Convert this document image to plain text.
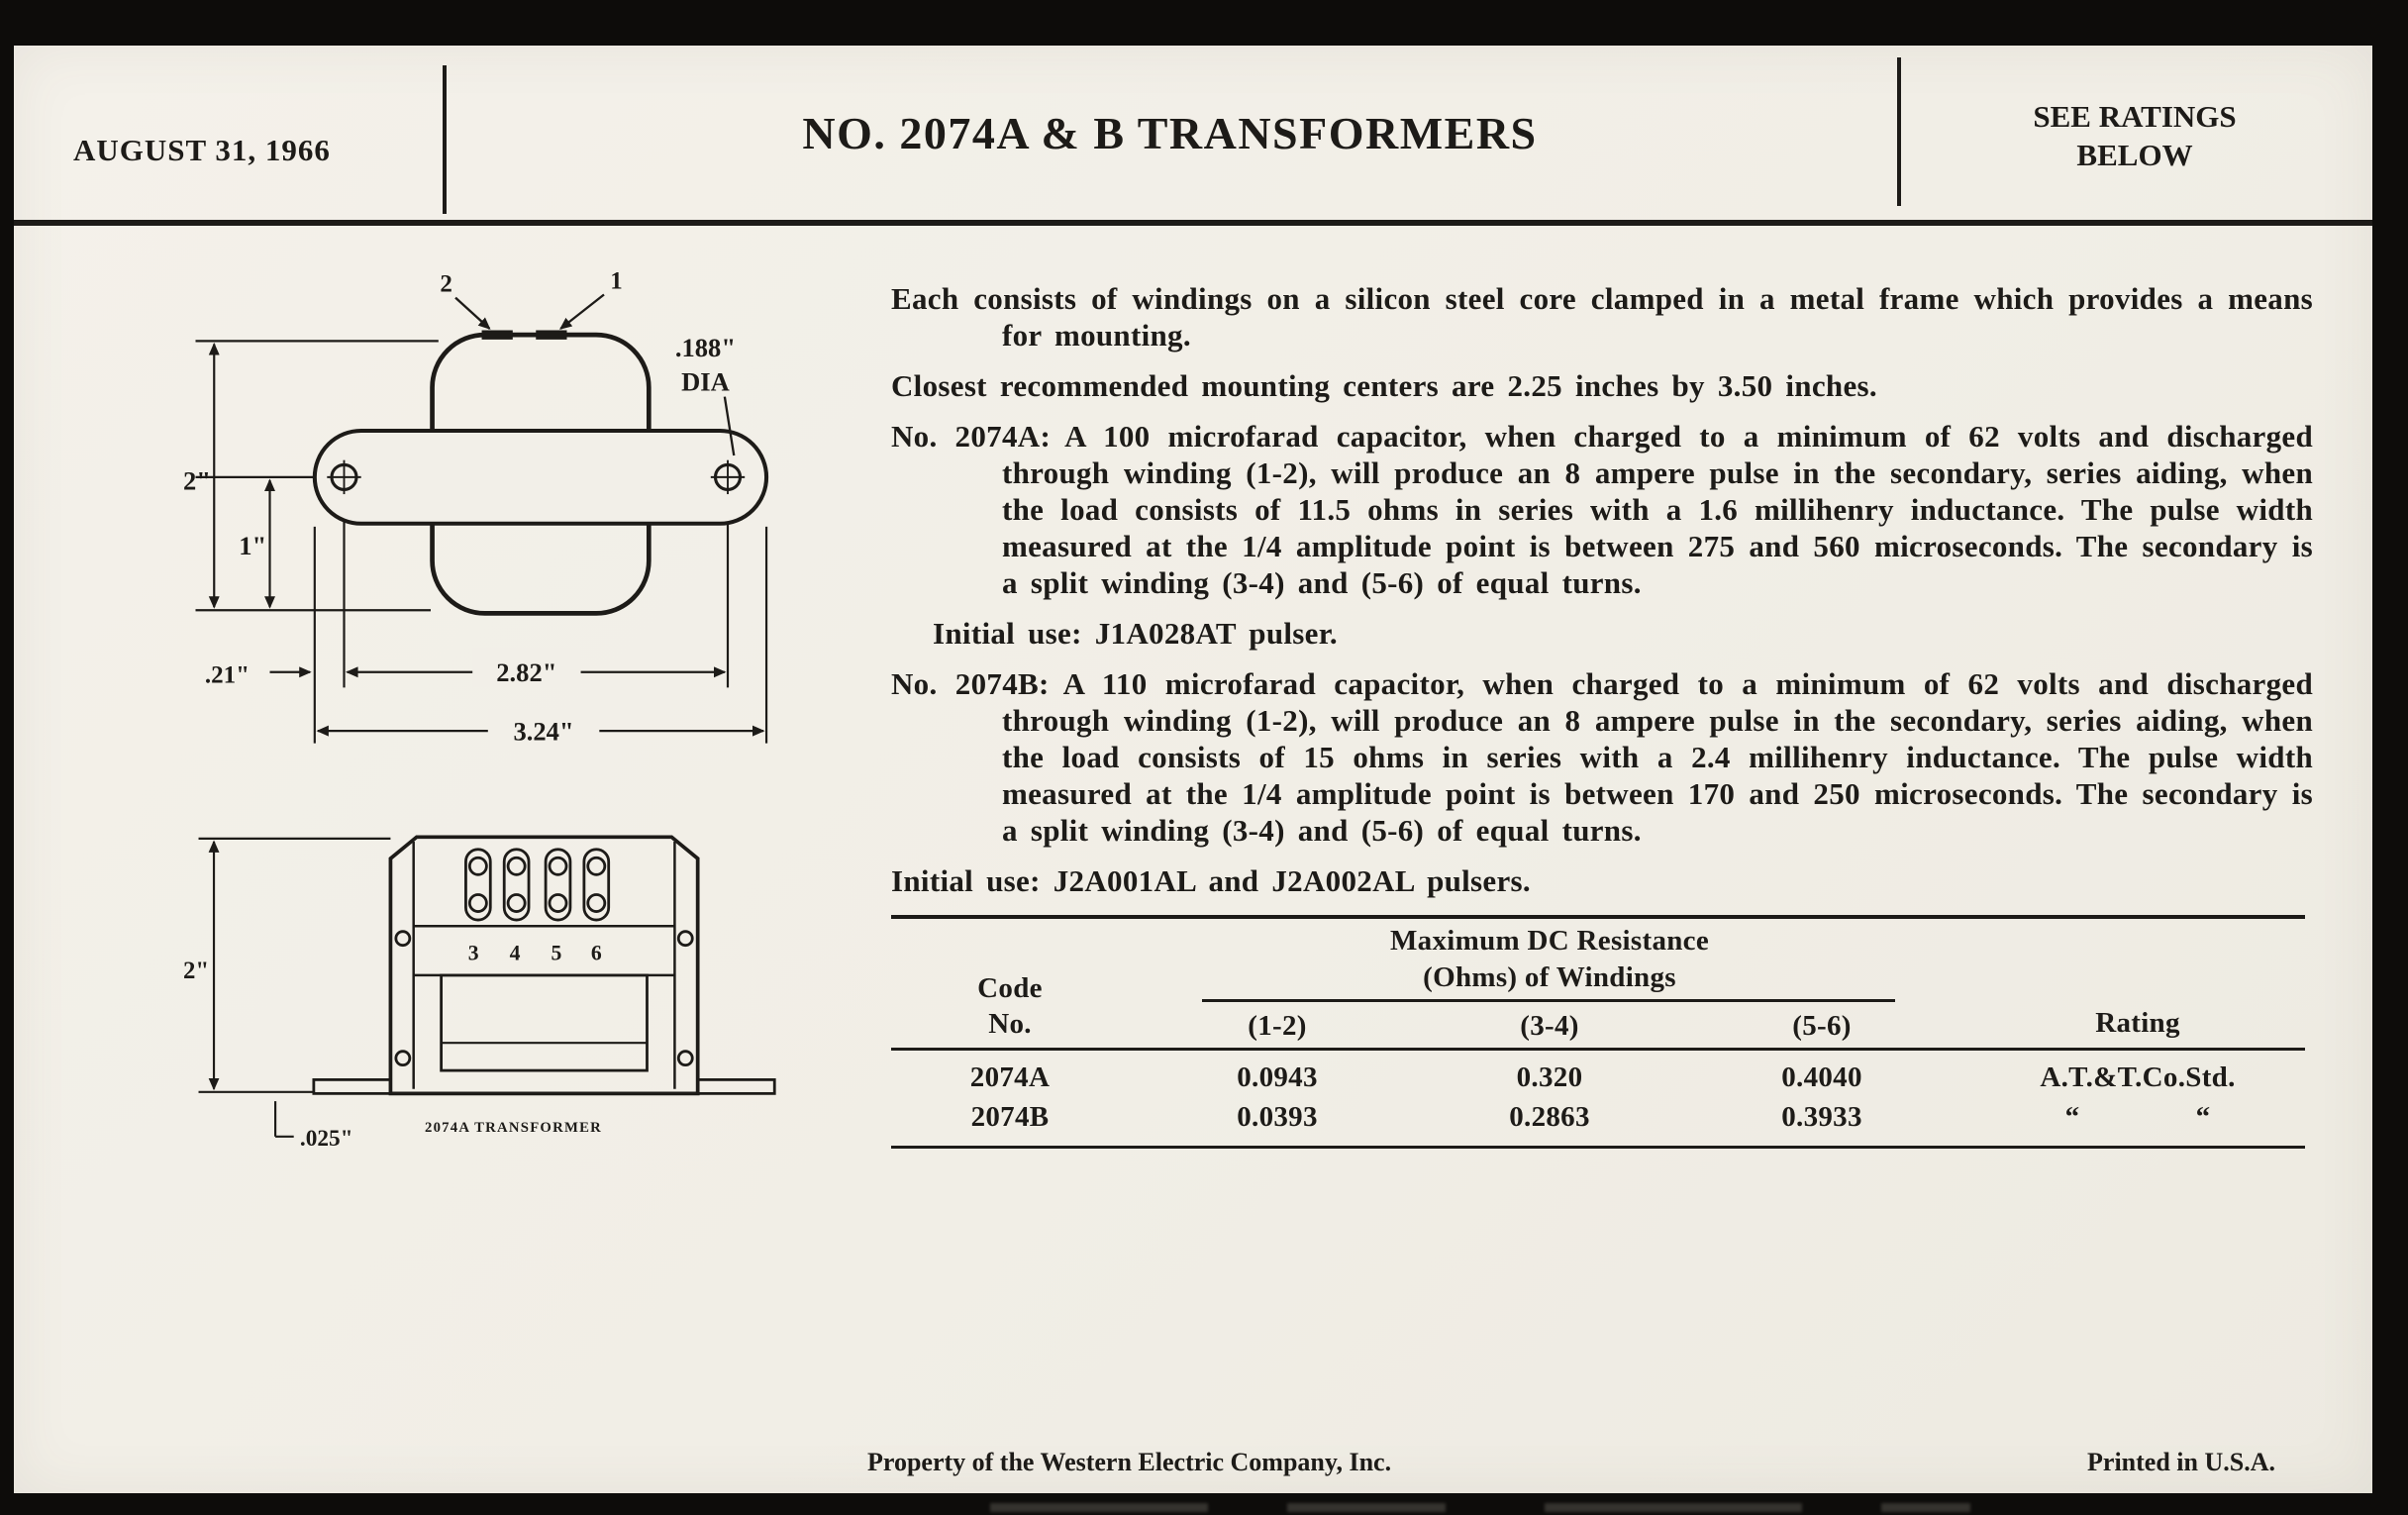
AUGUST 31, 1966	NO. 2074A & B TRANSFORMERS	SEE RATINGS
BELOW
2	1
.188"
DIA
2"
1"
.21"	2.82"
3.24"
3 4 5 6
2"
.025"	2074A TRANSFORMER

Each consists of windings on a silicon steel core clamped in a metal frame which provides a means for mounting.

Closest recommended mounting centers are 2.25 inches by 3.50 inches.

No. 2074A: A 100 microfarad capacitor, when charged to a minimum of 62 volts and discharged through winding (1-2), will produce an 8 ampere pulse in the secondary, series aiding, when the load consists of 11.5 ohms in series with a 1.6 millihenry inductance. The pulse width measured at the 1/4 amplitude point is between 275 and 560 microseconds. The secondary is a split winding (3-4) and (5-6) of equal turns.

Initial use: J1A028AT pulser.

No. 2074B: A 110 microfarad capacitor, when charged to a minimum of 62 volts and discharged through winding (1-2), will produce an 8 ampere pulse in the secondary, series aiding, when the load consists of 15 ohms in series with a 2.4 millihenry inductance. The pulse width measured at the 1/4 amplitude point is between 170 and 250 microseconds. The secondary is a split winding (3-4) and (5-6) of equal turns.

Initial use: J2A001AL and J2A002AL pulsers.

Code
No.
Maximum DC Resistance
(Ohms) of Windings
(1-2)	(3-4)	(5-6)	Rating
2074A	0.0943	0.320	0.4040	A.T.&T.Co.Std.
2074B	0.0393	0.2863	0.3933	“    “
Property of the Western Electric Company, Inc.	Printed in U.S.A.
